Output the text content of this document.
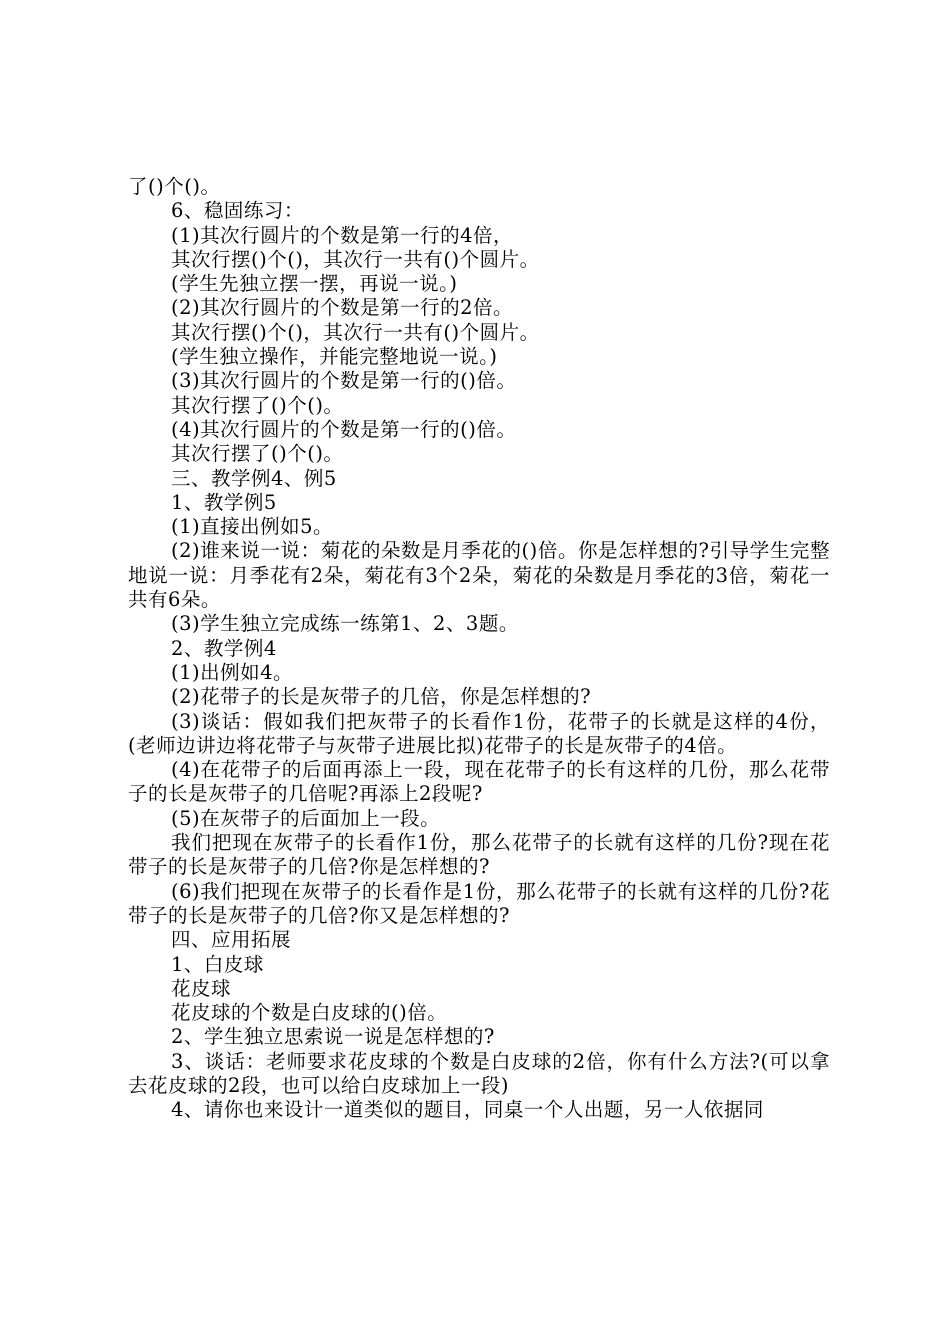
了()个()。

6、稳固练习：

(1)其次行圆片的个数是第一行的4倍，

其次行摆()个()，其次行一共有()个圆片。

(学生先独立摆一摆，再说一说。)

(2)其次行圆片的个数是第一行的2倍。

其次行摆()个()，其次行一共有()个圆片。

(学生独立操作，并能完整地说一说。)

(3)其次行圆片的个数是第一行的()倍。

其次行摆了()个()。

(4)其次行圆片的个数是第一行的()倍。

其次行摆了()个()。

三、教学例4、例5

1、教学例5

(1)直接出例如5。

(2)谁来说一说：菊花的朵数是月季花的()倍。你是怎样想的?引导学生完整地说一说：月季花有2朵，菊花有3个2朵，菊花的朵数是月季花的3倍，菊花一共有6朵。

(3)学生独立完成练一练第1、2、3题。

2、教学例4

(1)出例如4。

(2)花带子的长是灰带子的几倍，你是怎样想的?

(3)谈话：假如我们把灰带子的长看作1份，花带子的长就是这样的4份，(老师边讲边将花带子与灰带子进展比拟)花带子的长是灰带子的4倍。

(4)在花带子的后面再添上一段，现在花带子的长有这样的几份，那么花带子的长是灰带子的几倍呢?再添上2段呢?

(5)在灰带子的后面加上一段。

我们把现在灰带子的长看作1份，那么花带子的长就有这样的几份?现在花带子的长是灰带子的几倍?你是怎样想的?

(6)我们把现在灰带子的长看作是1份，那么花带子的长就有这样的几份?花带子的长是灰带子的几倍?你又是怎样想的?

四、应用拓展

1、白皮球

花皮球

花皮球的个数是白皮球的()倍。

2、学生独立思索说一说是怎样想的?

3、谈话：老师要求花皮球的个数是白皮球的2倍，你有什么方法?(可以拿去花皮球的2段，也可以给白皮球加上一段)

4、请你也来设计一道类似的题目，同桌一个人出题，另一人依据同
